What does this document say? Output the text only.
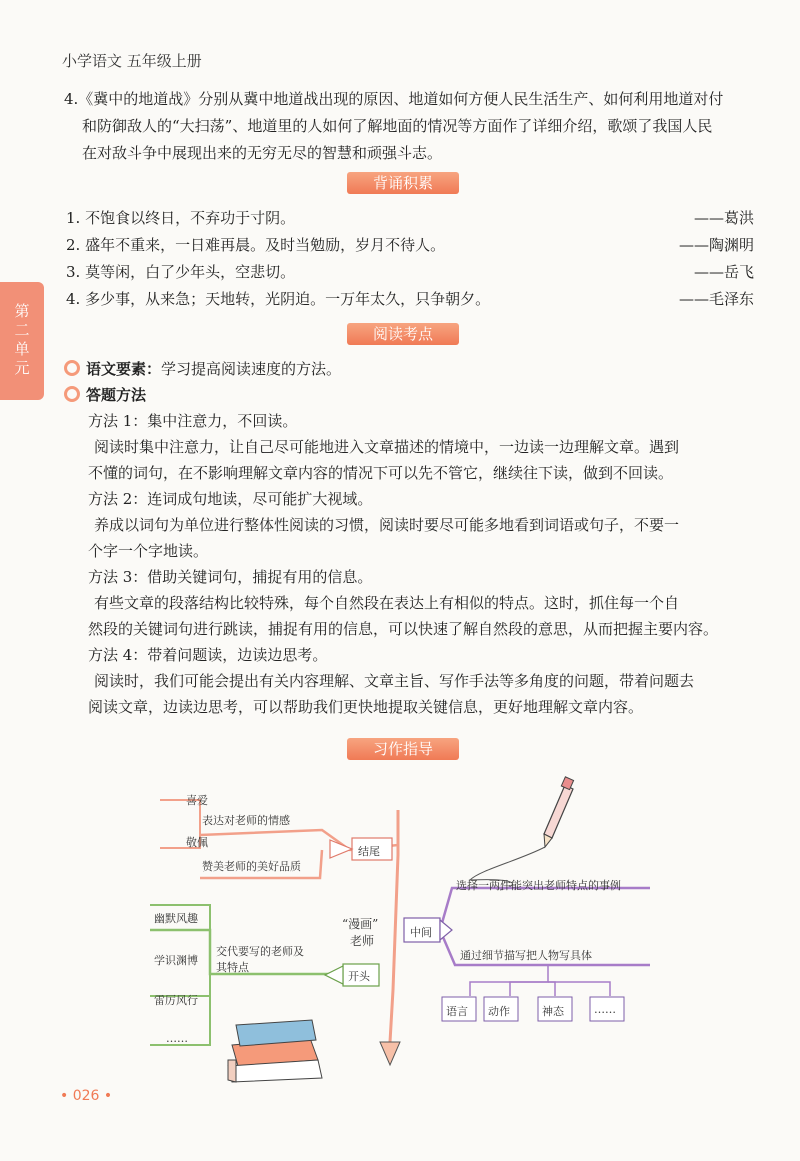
小学语文 五年级上册
第二单元
4.《冀中的地道战》分别从冀中地道战出现的原因、地道如何方便人民生活生产、如何利用地道对付
和防御敌人的“大扫荡”、地道里的人如何了解地面的情况等方面作了详细介绍，歌颂了我国人民
在对敌斗争中展现出来的无穷无尽的智慧和顽强斗志。
背诵积累
1. 不饱食以终日，不弃功于寸阴。	——葛洪
2. 盛年不重来，一日难再晨。及时当勉励，岁月不待人。	——陶渊明
3. 莫等闲，白了少年头，空悲切。	——岳飞
4. 多少事，从来急；天地转，光阴迫。一万年太久，只争朝夕。	——毛泽东
阅读考点
语文要素：学习提高阅读速度的方法。
答题方法
方法 1：集中注意力，不回读。
阅读时集中注意力，让自己尽可能地进入文章描述的情境中，一边读一边理解文章。遇到
不懂的词句，在不影响理解文章内容的情况下可以先不管它，继续往下读，做到不回读。
方法 2：连词成句地读，尽可能扩大视域。
养成以词句为单位进行整体性阅读的习惯，阅读时要尽可能多地看到词语或句子，不要一
个字一个字地读。
方法 3：借助关键词句，捕捉有用的信息。
有些文章的段落结构比较特殊，每个自然段在表达上有相似的特点。这时，抓住每一个自
然段的关键词句进行跳读，捕捉有用的信息，可以快速了解自然段的意思，从而把握主要内容。
方法 4：带着问题读，边读边思考。
阅读时，我们可能会提出有关内容理解、文章主旨、写作手法等多角度的问题，带着问题去
阅读文章，边读边思考，可以帮助我们更快地提取关键信息，更好地理解文章内容。
习作指导
喜爱
表达对老师的情感
敬佩
赞美老师的美好品质
结尾
“漫画”
老师
中间
选择一两件能突出老师特点的事例
通过细节描写把人物写具体
语言 动作	神态	……
开头
交代要写的老师及
其特点
幽默风趣
学识渊博
雷厉风行
……
• 026 •
